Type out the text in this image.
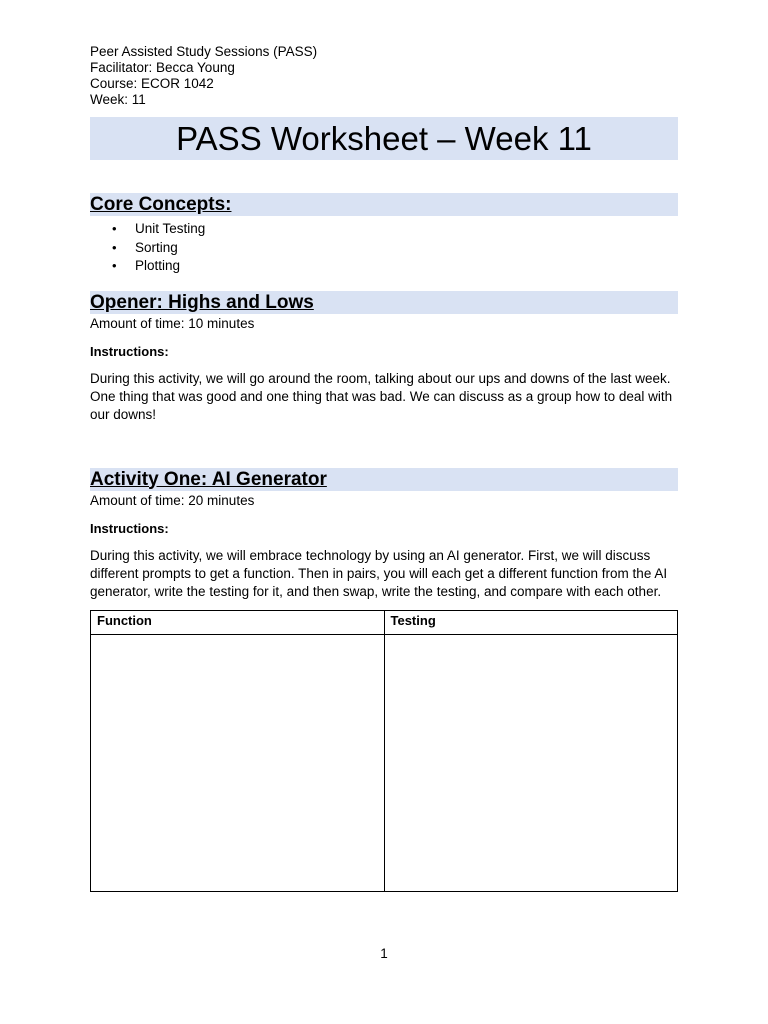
Peer Assisted Study Sessions (PASS)
Facilitator: Becca Young
Course: ECOR 1042
Week: 11
PASS Worksheet – Week 11
Core Concepts:
• Unit Testing
• Sorting
• Plotting
Opener: Highs and Lows
Amount of time: 10 minutes
Instructions:
During this activity, we will go around the room, talking about our ups and downs of the last week. One thing that was good and one thing that was bad. We can discuss as a group how to deal with our downs!
Activity One: AI Generator
Amount of time: 20 minutes
Instructions:
During this activity, we will embrace technology by using an AI generator. First, we will discuss different prompts to get a function. Then in pairs, you will each get a different function from the AI generator, write the testing for it, and then swap, write the testing, and compare with each other.
Function	Testing

1
